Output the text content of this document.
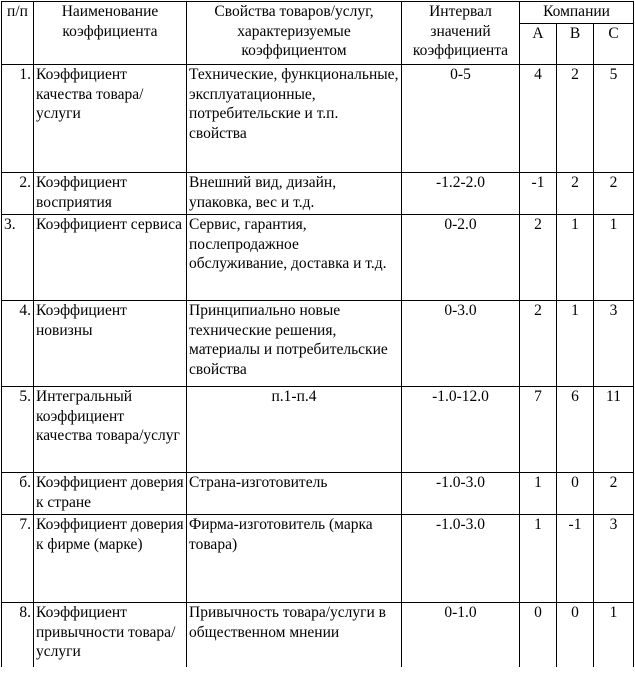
п/п	Наименование коэффициента	Свойства товаров/услуг, характеризуемые коэффициентом	Интервал значений коэффициента	Компании		
				A	B	C
1.	Коэффициент качества товара/услуги	Технические, функциональные, эксплуатационные, потребительские и т.п. свойства	0-5	4	2	5
2.	Коэффициент восприятия	Внешний вид, дизайн, упаковка, вес и т.д.	-1.2-2.0	-1	2	2
3.	Коэффициент сервиса	Сервис, гарантия, послепродажное обслуживание, доставка и т.д.	0-2.0	2	1	1
4.	Коэффициент новизны	Принципиально новые технические решения, материалы и потребительские свойства	0-3.0	2	1	3
5.	Интегральный коэффициент качества товара/услуг	п.1-п.4	-1.0-12.0	7	6	11
б.	Коэффициент доверия к стране	Страна-изготовитель	-1.0-3.0	1	0	2
7.	Коэффициент доверия к фирме (марке)	Фирма-изготовитель (марка товара)	-1.0-3.0	1	-1	3
8.	Коэффициент привычности товара/услуги	Привычность товара/услуги в общественном мнении	0-1.0	0	0	1
